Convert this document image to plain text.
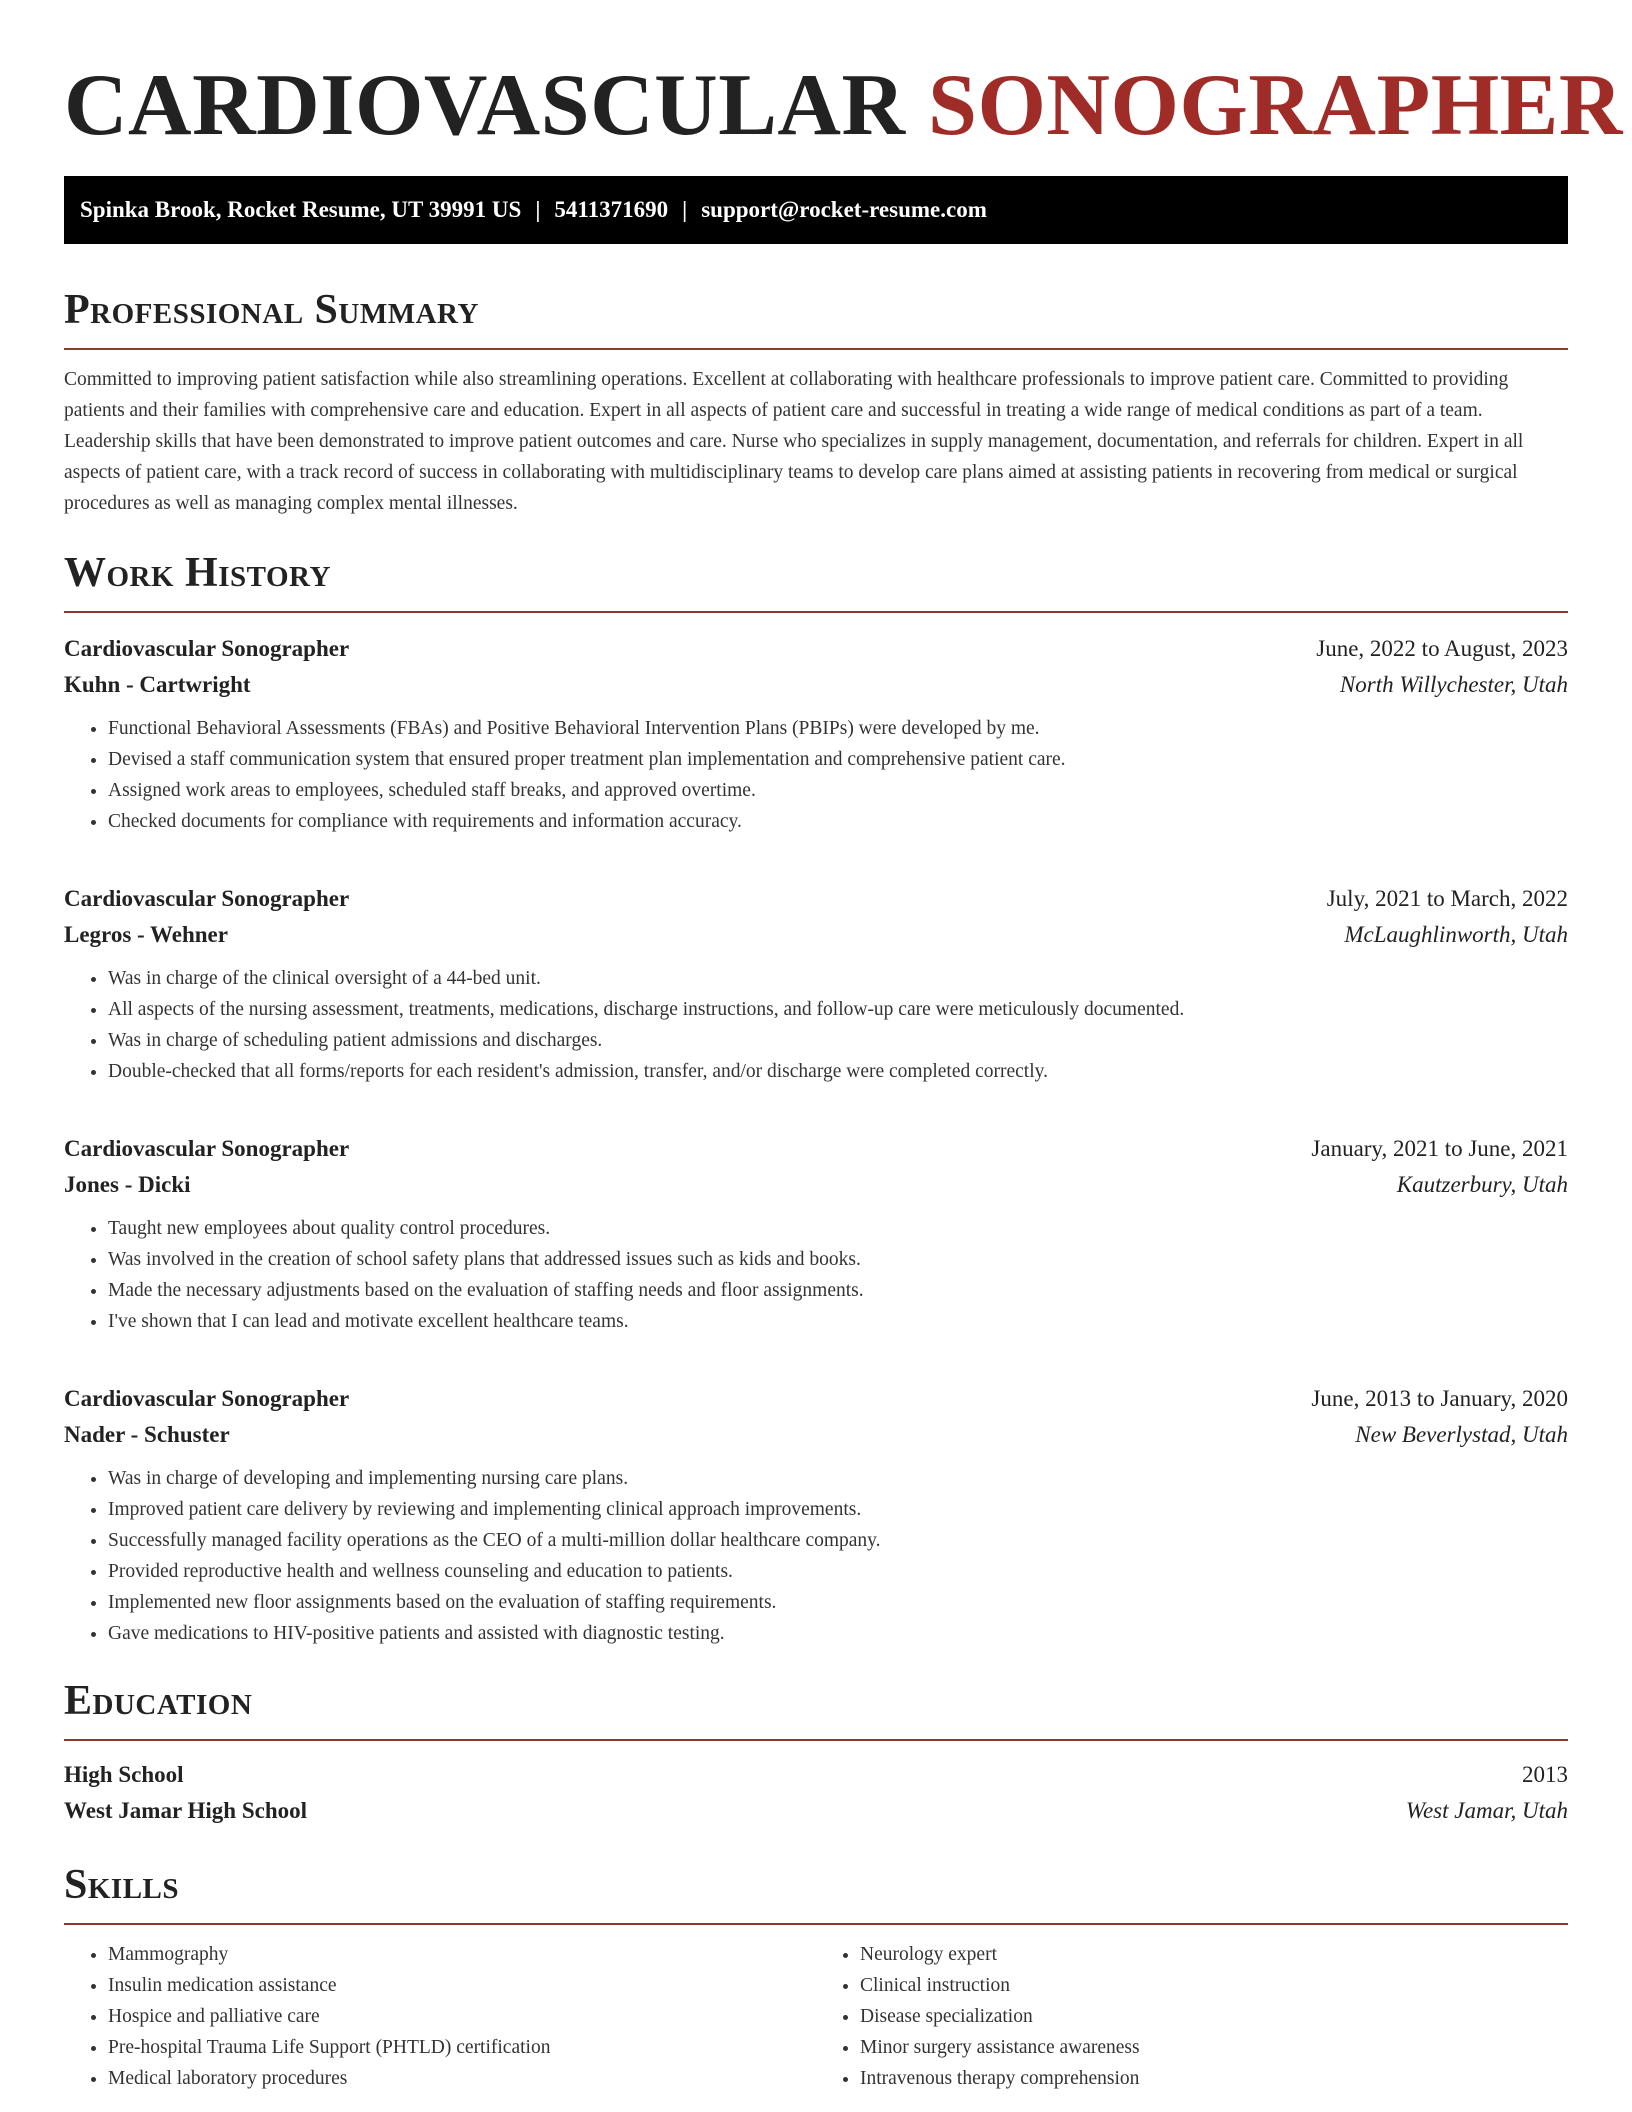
CARDIOVASCULAR SONOGRAPHER
Spinka Brook, Rocket Resume, UT 39991 US | 5411371690 | support@rocket-resume.com
Professional Summary

Committed to improving patient satisfaction while also streamlining operations. Excellent at collaborating with healthcare professionals to improve patient care. Committed to providing patients and their families with comprehensive care and education. Expert in all aspects of patient care and successful in treating a wide range of medical conditions as part of a team. Leadership skills that have been demonstrated to improve patient outcomes and care. Nurse who specializes in supply management, documentation, and referrals for children. Expert in all aspects of patient care, with a track record of success in collaborating with multidisciplinary teams to develop care plans aimed at assisting patients in recovering from medical or surgical procedures as well as managing complex mental illnesses.

Work History
Cardiovascular Sonographer	June, 2022 to August, 2023
Kuhn - Cartwright	North Willychester, Utah
• Functional Behavioral Assessments (FBAs) and Positive Behavioral Intervention Plans (PBIPs) were developed by me.
• Devised a staff communication system that ensured proper treatment plan implementation and comprehensive patient care.
• Assigned work areas to employees, scheduled staff breaks, and approved overtime.
• Checked documents for compliance with requirements and information accuracy.
Cardiovascular Sonographer	July, 2021 to March, 2022
Legros - Wehner	McLaughlinworth, Utah
• Was in charge of the clinical oversight of a 44-bed unit.
• All aspects of the nursing assessment, treatments, medications, discharge instructions, and follow-up care were meticulously documented.
• Was in charge of scheduling patient admissions and discharges.
• Double-checked that all forms/reports for each resident's admission, transfer, and/or discharge were completed correctly.
Cardiovascular Sonographer	January, 2021 to June, 2021
Jones - Dicki	Kautzerbury, Utah
• Taught new employees about quality control procedures.
• Was involved in the creation of school safety plans that addressed issues such as kids and books.
• Made the necessary adjustments based on the evaluation of staffing needs and floor assignments.
• I've shown that I can lead and motivate excellent healthcare teams.
Cardiovascular Sonographer	June, 2013 to January, 2020
Nader - Schuster	New Beverlystad, Utah
• Was in charge of developing and implementing nursing care plans.
• Improved patient care delivery by reviewing and implementing clinical approach improvements.
• Successfully managed facility operations as the CEO of a multi-million dollar healthcare company.
• Provided reproductive health and wellness counseling and education to patients.
• Implemented new floor assignments based on the evaluation of staffing requirements.
• Gave medications to HIV-positive patients and assisted with diagnostic testing.
Education
High School	2013
West Jamar High School	West Jamar, Utah
Skills
• Mammography
• Insulin medication assistance
• Hospice and palliative care
• Pre-hospital Trauma Life Support (PHTLD) certification
• Medical laboratory procedures
• Neurology expert
• Clinical instruction
• Disease specialization
• Minor surgery assistance awareness
• Intravenous therapy comprehension
